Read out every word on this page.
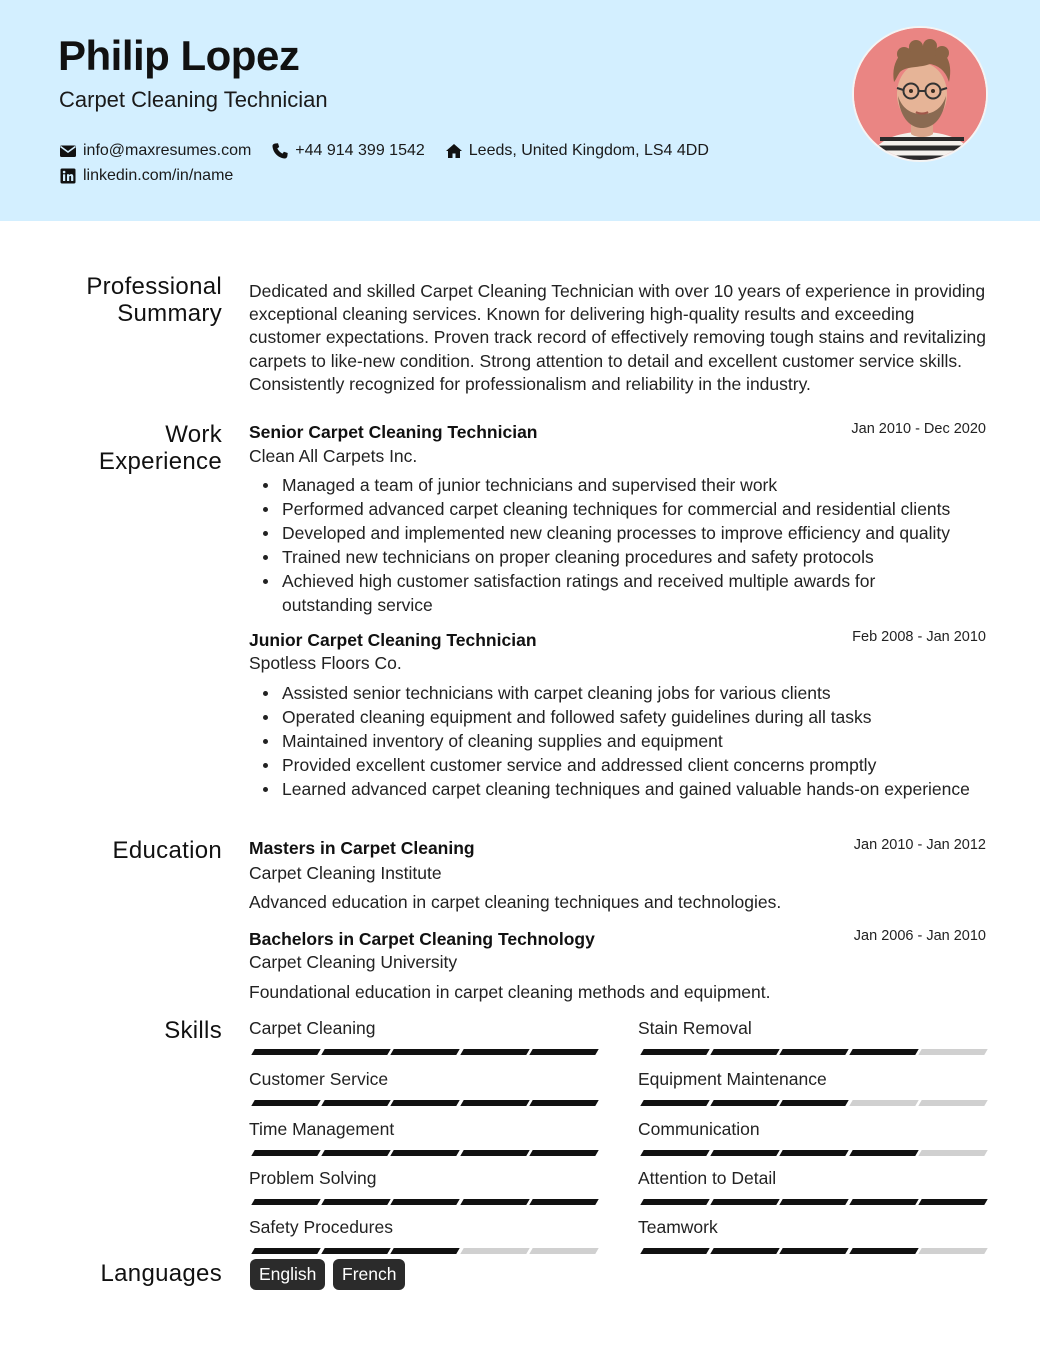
Philip Lopez
Carpet Cleaning Technician
info@maxresumes.com	+44 914 399 1542	Leeds, United Kingdom, LS4 4DD
linkedin.com/in/name
Professional
Summary
Dedicated and skilled Carpet Cleaning Technician with over 10 years of experience in providing exceptional cleaning services. Known for delivering high-quality results and exceeding customer expectations. Proven track record of effectively removing tough stains and revitalizing carpets to like-new condition. Strong attention to detail and excellent customer service skills. Consistently recognized for professionalism and reliability in the industry.
Work
Experience
Senior Carpet Cleaning Technician	Jan 2010 - Dec 2020
Clean All Carpets Inc.
Managed a team of junior technicians and supervised their work
Performed advanced carpet cleaning techniques for commercial and residential clients
Developed and implemented new cleaning processes to improve efficiency and quality
Trained new technicians on proper cleaning procedures and safety protocols
Achieved high customer satisfaction ratings and received multiple awards for outstanding service
Junior Carpet Cleaning Technician	Feb 2008 - Jan 2010
Spotless Floors Co.
Assisted senior technicians with carpet cleaning jobs for various clients
Operated cleaning equipment and followed safety guidelines during all tasks
Maintained inventory of cleaning supplies and equipment
Provided excellent customer service and addressed client concerns promptly
Learned advanced carpet cleaning techniques and gained valuable hands-on experience
Education Masters in Carpet Cleaning	Jan 2010 - Jan 2012
Carpet Cleaning Institute
Advanced education in carpet cleaning techniques and technologies.
Bachelors in Carpet Cleaning Technology	Jan 2006 - Jan 2010
Carpet Cleaning University
Foundational education in carpet cleaning methods and equipment.
Skills Carpet Cleaning	Stain Removal
Customer Service	Equipment Maintenance
Time Management	Communication
Problem Solving	Attention to Detail
Safety Procedures	Teamwork
Languages	English	French
